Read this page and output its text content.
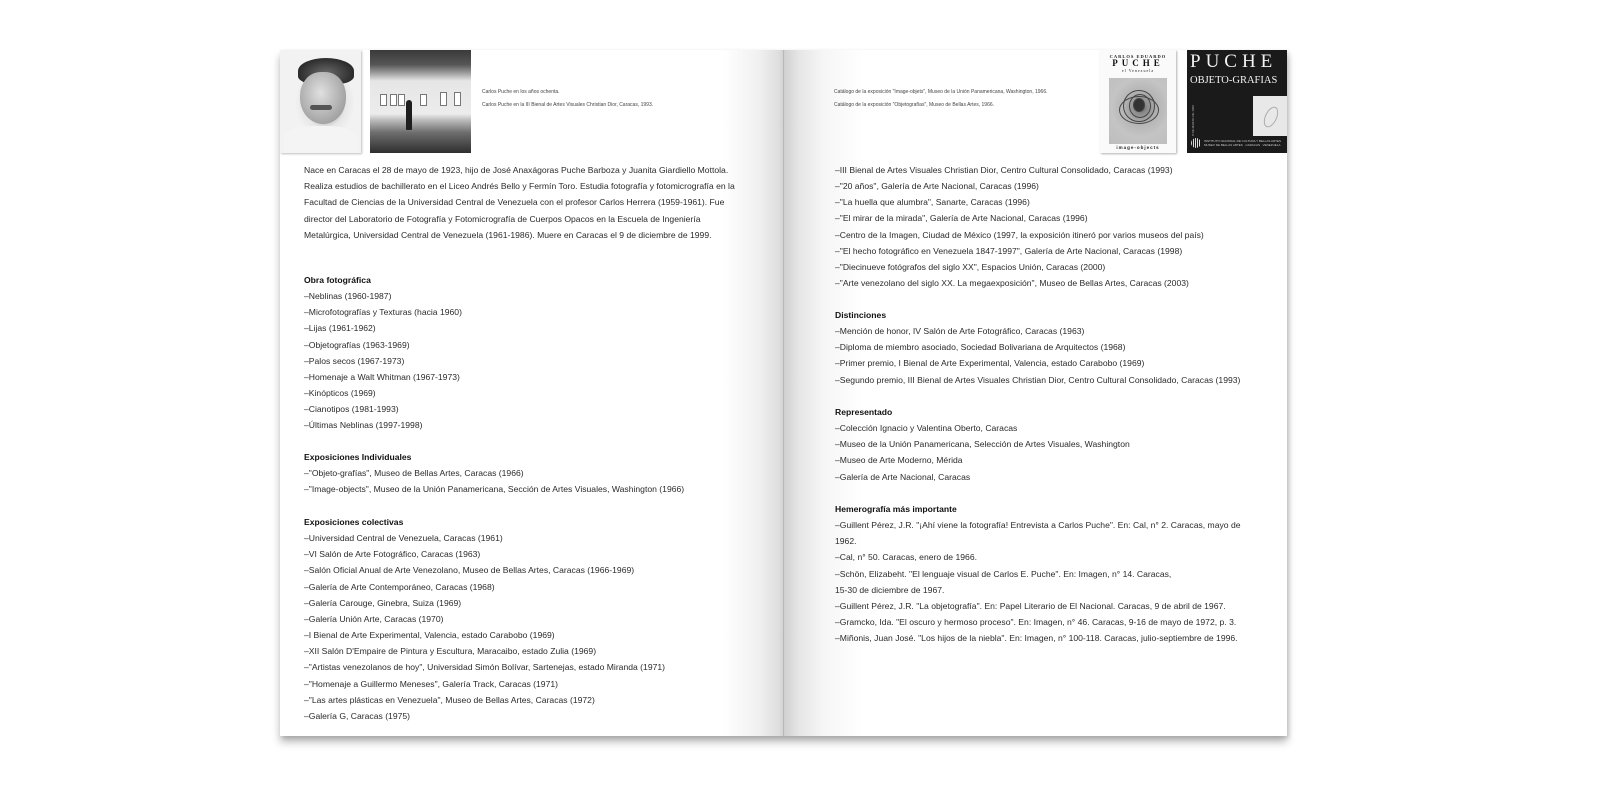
Carlos Puche en los años ochenta.
Carlos Puche en la III Bienal de Artes Visuales Christian Dior, Caracas, 1993.
Nace en Caracas el 28 de mayo de 1923, hijo de José Anaxágoras Puche Barboza y Juanita Giardiello Mottola. Realiza estudios de bachillerato en el Liceo Andrés Bello y Fermín Toro. Estudia fotografía y fotomicrografía en la Facultad de Ciencias de la Universidad Central de Venezuela con el profesor Carlos Herrera (1959-1961). Fue director del Laboratorio de Fotografía y Fotomicrografía de Cuerpos Opacos en la Escuela de Ingeniería Metalúrgica, Universidad Central de Venezuela (1961-1986). Muere en Caracas el 9 de diciembre de 1999.
Obra fotográfica
– Neblinas (1960-1987)
– Microfotografías y Texturas (hacia 1960)
– Lijas (1961-1962)
– Objetografías (1963-1969)
– Palos secos (1967-1973)
– Homenaje a Walt Whitman (1967-1973)
– Kinópticos (1969)
– Cianotipos (1981-1993)
– Últimas Neblinas (1997-1998)
Exposiciones Individuales
– "Objeto-grafías", Museo de Bellas Artes, Caracas (1966)
– "Image-objects", Museo de la Unión Panamericana, Sección de Artes Visuales, Washington (1966)
Exposiciones colectivas
– Universidad Central de Venezuela, Caracas (1961)
– VI Salón de Arte Fotográfico, Caracas (1963)
– Salón Oficial Anual de Arte Venezolano, Museo de Bellas Artes, Caracas (1966-1969)
– Galería de Arte Contemporáneo, Caracas (1968)
– Galería Carouge, Ginebra, Suiza (1969)
– Galería Unión Arte, Caracas (1970)
– I Bienal de Arte Experimental, Valencia, estado Carabobo (1969)
– XII Salón D'Empaire de Pintura y Escultura, Maracaibo, estado Zulia (1969)
– "Artistas venezolanos de hoy", Universidad Simón Bolívar, Sartenejas, estado Miranda (1971)
– "Homenaje a Guillermo Meneses", Galería Track, Caracas (1971)
– "Las artes plásticas en Venezuela", Museo de Bellas Artes, Caracas (1972)
– Galería G, Caracas (1975)
Catálogo de la exposición "Image-objets", Museo de la Unión Panamericana, Washington, 1966.
Catálogo de la exposición "Objetografías", Museo de Bellas Artes, 1966.
CARLOS EDUARDO
PUCHE
el Venezuela
image-objects
PUCHE
OBJETO-GRAFIAS
8 DE MARZO DE 1966
INSTITUTO NACIONAL DE CULTURA Y BELLAS ARTES
MUSEO DE BELLAS ARTES · CARACAS · VENEZUELA
– III Bienal de Artes Visuales Christian Dior, Centro Cultural Consolidado, Caracas (1993)
– "20 años", Galería de Arte Nacional, Caracas (1996)
– "La huella que alumbra", Sanarte, Caracas (1996)
– "El mirar de la mirada", Galería de Arte Nacional, Caracas (1996)
– Centro de la Imagen, Ciudad de México (1997, la exposición itineró por varios museos del país)
– "El hecho fotográfico en Venezuela 1847-1997", Galería de Arte Nacional, Caracas (1998)
– "Diecinueve fotógrafos del siglo XX", Espacios Unión, Caracas (2000)
– "Arte venezolano del siglo XX. La megaexposición", Museo de Bellas Artes, Caracas (2003)
Distinciones
– Mención de honor, IV Salón de Arte Fotográfico, Caracas (1963)
– Diploma de miembro asociado, Sociedad Bolivariana de Arquitectos (1968)
– Primer premio, I Bienal de Arte Experimental, Valencia, estado Carabobo (1969)
– Segundo premio, III Bienal de Artes Visuales Christian Dior, Centro Cultural Consolidado, Caracas (1993)
Representado
– Colección Ignacio y Valentina Oberto, Caracas
– Museo de la Unión Panamericana, Selección de Artes Visuales, Washington
– Museo de Arte Moderno, Mérida
– Galería de Arte Nacional, Caracas
Hemerografía más importante
– Guillent Pérez, J.R. "¡Ahí viene la fotografía! Entrevista a Carlos Puche". En: Cal, n° 2. Caracas, mayo de
1962.
– Cal, n° 50. Caracas, enero de 1966.
– Schön, Elizabeht. "El lenguaje visual de Carlos E. Puche". En: Imagen, n° 14. Caracas,
15-30 de diciembre de 1967.
– Guillent Pérez, J.R. "La objetografía". En: Papel Literario de El Nacional. Caracas, 9 de abril de 1967.
– Gramcko, Ida. "El oscuro y hermoso proceso". En: Imagen, n° 46. Caracas, 9-16 de mayo de 1972, p. 3.
– Miñonis, Juan José. "Los hijos de la niebla". En: Imagen, n° 100-118. Caracas, julio-septiembre de 1996.
